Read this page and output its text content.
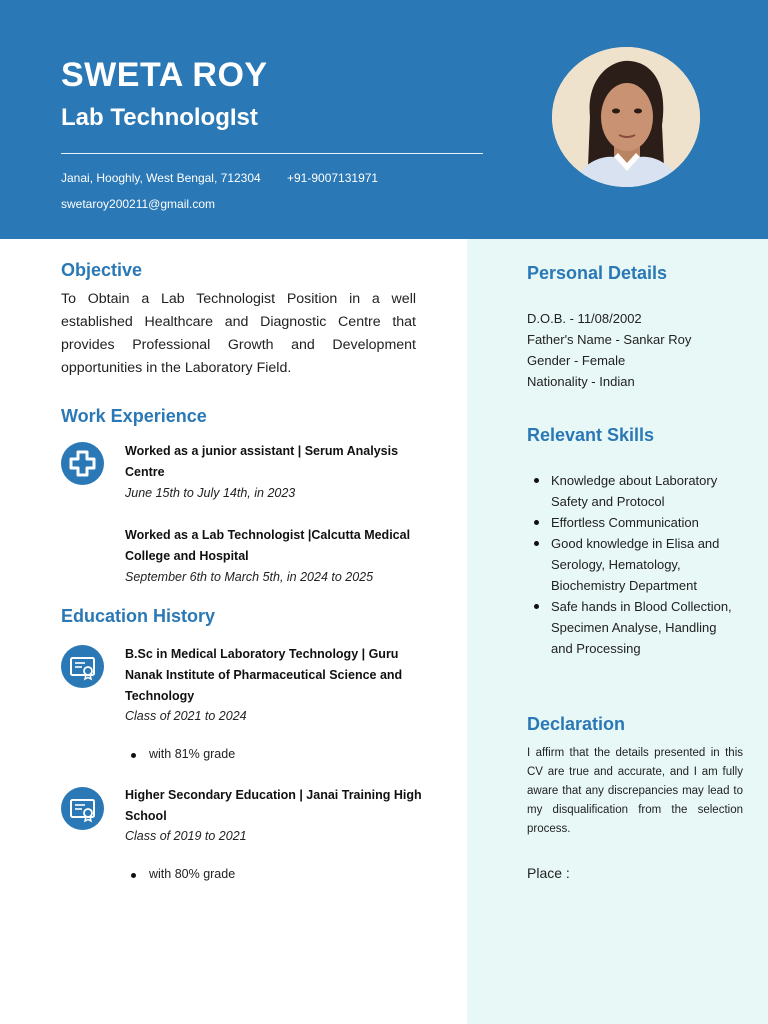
SWETA ROY
Lab TechnologIst
Janai, Hooghly, West Bengal, 712304 +91-9007131971
swetaroy200211@gmail.com
Objective
To Obtain a Lab Technologist Position in a well established Healthcare and Diagnostic Centre that provides Professional Growth and Development opportunities in the Laboratory Field.
Work Experience
Worked as a junior assistant | Serum Analysis Centre
June 15th to July 14th, in 2023
Worked as a Lab Technologist |Calcutta Medical College and Hospital
September 6th to March 5th, in 2024 to 2025
Education History
B.Sc in Medical Laboratory Technology | Guru Nanak Institute of Pharmaceutical Science and Technology
Class of 2021 to 2024
with 81% grade
Higher Secondary Education | Janai Training High School
Class of 2019 to 2021
with 80% grade
Personal Details
D.O.B. - 11/08/2002
Father's Name - Sankar Roy
Gender - Female
Nationality - Indian
Relevant Skills
Knowledge about Laboratory Safety and Protocol
Effortless Communication
Good knowledge in Elisa and Serology, Hematology, Biochemistry Department
Safe hands in Blood Collection, Specimen Analyse, Handling and Processing
Declaration
I affirm that the details presented in this CV are true and accurate, and I am fully aware that any discrepancies may lead to my disqualification from the selection process.
Place :
